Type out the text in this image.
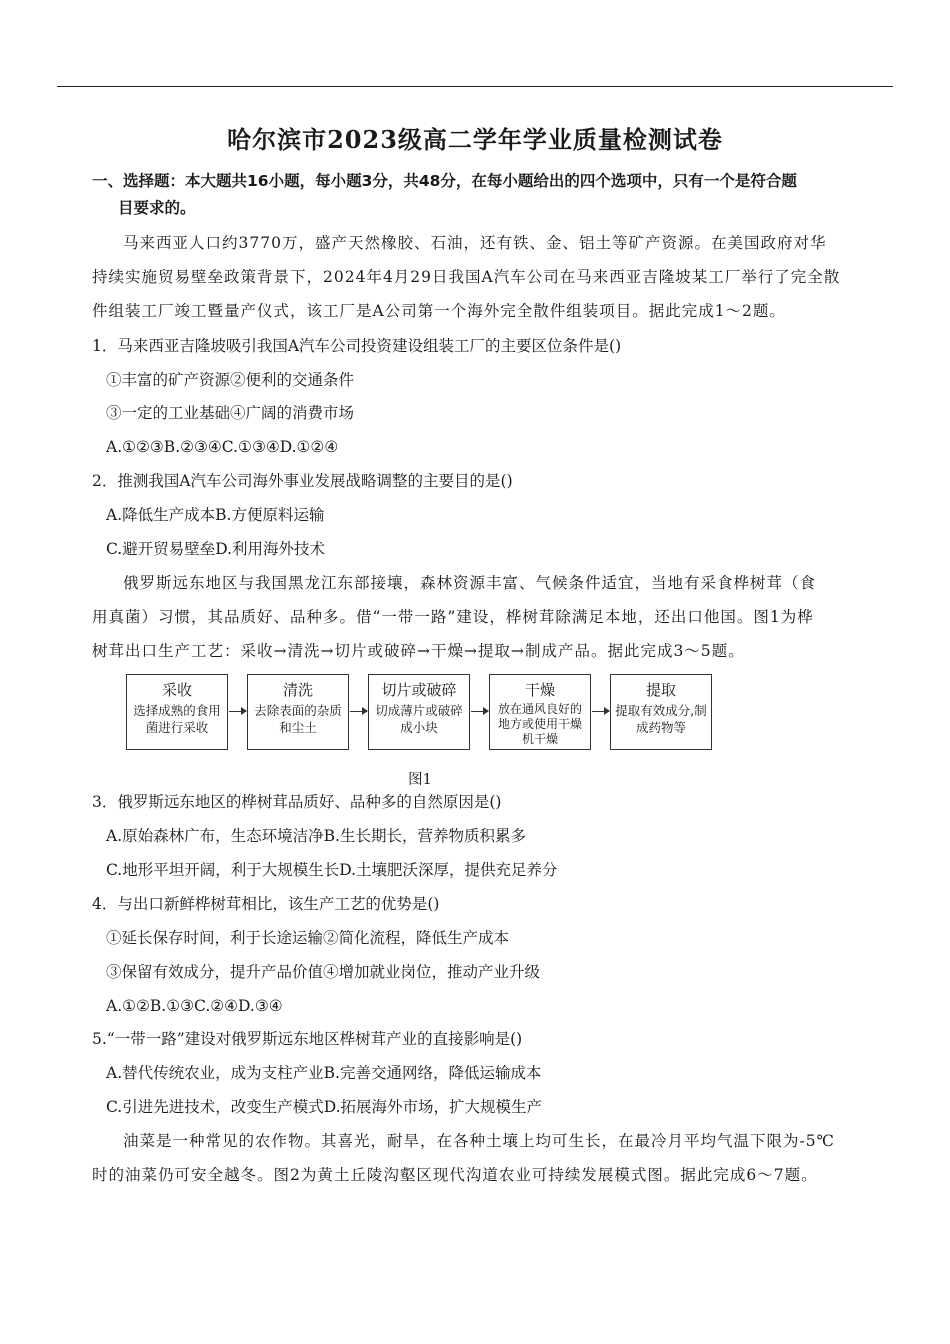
哈尔滨市2023级高二学年学业质量检测试卷
一、选择题：本大题共16小题，每小题3分，共48分，在每小题给出的四个选项中，只有一个是符合题
目要求的。
马来西亚人口约3770万，盛产天然橡胶、石油，还有铁、金、铝土等矿产资源。在美国政府对华
持续实施贸易壁垒政策背景下，2024年4月29日我国A汽车公司在马来西亚吉隆坡某工厂举行了完全散
件组装工厂竣工暨量产仪式，该工厂是A公司第一个海外完全散件组装项目。据此完成1～2题。
1．马来西亚吉隆坡吸引我国A汽车公司投资建设组装工厂的主要区位条件是()
①丰富的矿产资源②便利的交通条件
③一定的工业基础④广阔的消费市场
A.①②③B.②③④C.①③④D.①②④
2．推测我国A汽车公司海外事业发展战略调整的主要目的是()
A.降低生产成本B.方便原料运输
C.避开贸易壁垒D.利用海外技术
俄罗斯远东地区与我国黑龙江东部接壤，森林资源丰富、气候条件适宜，当地有采食桦树茸（食
用真菌）习惯，其品质好、品种多。借“一带一路”建设，桦树茸除满足本地，还出口他国。图1为桦
树茸出口生产工艺：采收→清洗→切片或破碎→干燥→提取→制成产品。据此完成3～5题。
采收
选择成熟的食用菌进行采收
清洗
去除表面的杂质和尘土
切片或破碎
切成薄片或破碎成小块
干燥
放在通风良好的地方或使用干燥机干燥
提取
提取有效成分,制成药物等
图1
3．俄罗斯远东地区的桦树茸品质好、品种多的自然原因是()
A.原始森林广布，生态环境洁净B.生长期长，营养物质积累多
C.地形平坦开阔，利于大规模生长D.土壤肥沃深厚，提供充足养分
4．与出口新鲜桦树茸相比，该生产工艺的优势是()
①延长保存时间，利于长途运输②简化流程，降低生产成本
③保留有效成分，提升产品价值④增加就业岗位，推动产业升级
A.①②B.①③C.②④D.③④
5.“一带一路”建设对俄罗斯远东地区桦树茸产业的直接影响是()
A.替代传统农业，成为支柱产业B.完善交通网络，降低运输成本
C.引进先进技术，改变生产模式D.拓展海外市场，扩大规模生产
油菜是一种常见的农作物。其喜光，耐旱，在各种土壤上均可生长，在最冷月平均气温下限为-5℃
时的油菜仍可安全越冬。图2为黄土丘陵沟壑区现代沟道农业可持续发展模式图。据此完成6～7题。
